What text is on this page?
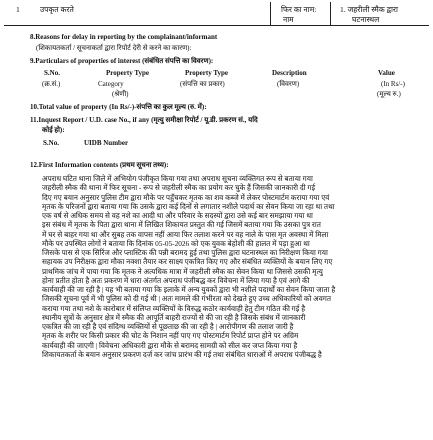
1	उपकृत करते	फिर का नाम:
नाम
1. जहरीली स्मैक द्वारा
घटनास्थल
8.Reasons for delay in reporting by the complainant/informant
(शिकायतकर्ता / सूचनाकर्ता द्वारा रिपोर्ट देरी से करने का कारण):
9.Particulars of properties of interest (संबंधित संपत्ति का विवरण):
S.No.	Property Type	Property Type	Description	Value
(क्र.सं.)	Category
(श्रेणी)
(संपत्ति का प्रकार)	(विवरण)	(In Rs/-)
(मूल्य रु.)
10.Total value of property (In Rs/-)-संपत्ति का कुल मूल्य (रु. में):
11.Inquest Report / U.D. case No., if any (मृत्यु समीक्षा रिपोर्ट / यू.डी. प्रकरण सं., यदि
कोई हो):
S.No.	UIDB Number
12.First Information contents (प्रथम सूचना तथ्य):
अपराध घटित थाना जिले में अभियोग पंजीकृत किया गया तथा अपराध सूचना व्यक्तिगत रूप से बताया गया
जहरीली स्मैक की थाना में फिर सूचना - रूप से जहरीली स्मैक का प्रयोग कर चुके हैं जिसकी जानकारी दी गई
दिए गए बयान अनुसार पुलिस टीम द्वारा मौके पर पहुँचकर मृतक का शव कब्जे में लेकर पोस्टमार्टम कराया गया एवं
मृतक के परिजनों द्वारा बताया गया कि उसके द्वारा कई दिनों से लगातार नशीले पदार्थ का सेवन किया जा रहा था तथा
एक वर्ष से अधिक समय से वह नशे का आदी था और परिवार के सदस्यों द्वारा उसे कई बार समझाया गया था
इस संबंध में मृतक के पिता द्वारा थाना में लिखित शिकायत प्रस्तुत की गई जिसमें बताया गया कि उसका पुत्र रात
में घर से बाहर गया था और सुबह तक वापस नहीं आया फिर तलाश करने पर वह नाले के पास मृत अवस्था में मिला
मौके पर उपस्थित लोगों ने बताया कि दिनांक 05-05-2026 को एक युवक बेहोशी की हालत में पड़ा हुआ था
जिसके पास से एक सिरिंज और प्लास्टिक की पन्नी बरामद हुई तथा पुलिस द्वारा घटनास्थल का निरीक्षण किया गया
सहायक उप निरीक्षक द्वारा मौका नक्शा तैयार कर साक्ष्य एकत्रित किए गए और संबंधित व्यक्तियों के बयान लिए गए
प्राथमिक जांच में पाया गया कि मृतक ने अत्यधिक मात्रा में जहरीली स्मैक का सेवन किया था जिससे उसकी मृत्यु
होना प्रतीत होता है अतः प्रकरण में धारा अंतर्गत अपराध पंजीबद्ध कर विवेचना में लिया गया है एवं आगे की
कार्यवाही की जा रही है | यह भी बताया गया कि इलाके में अन्य युवकों द्वारा भी नशीले पदार्थों का सेवन किया जाता है
जिसकी सूचना पूर्व में भी पुलिस को दी गई थी | अतः मामले की गंभीरता को देखते हुए उच्च अधिकारियों को अवगत
कराया गया तथा नशे के कारोबार में संलिप्त व्यक्तियों के विरुद्ध कठोर कार्यवाही हेतु टीम गठित की गई है
स्थानीय सूत्रों के अनुसार क्षेत्र में स्मैक की आपूर्ति बाहरी राज्यों से की जा रही है जिसके संबंध में जानकारी
एकत्रित की जा रही है एवं संदिग्ध व्यक्तियों से पूछताछ की जा रही है | आरोपीगण की तलाश जारी है
मृतक के शरीर पर किसी प्रकार की चोट के निशान नहीं पाए गए पोस्टमार्टम रिपोर्ट प्राप्त होने पर अग्रिम
कार्यवाही की जाएगी | विवेचना अधिकारी द्वारा मौके से बरामद सामग्री को सील कर जप्त किया गया है
शिकायतकर्ता के बयान अनुसार प्रकरण दर्ज कर जांच प्रारंभ की गई तथा संबंधित धाराओं में अपराध पंजीबद्ध है
